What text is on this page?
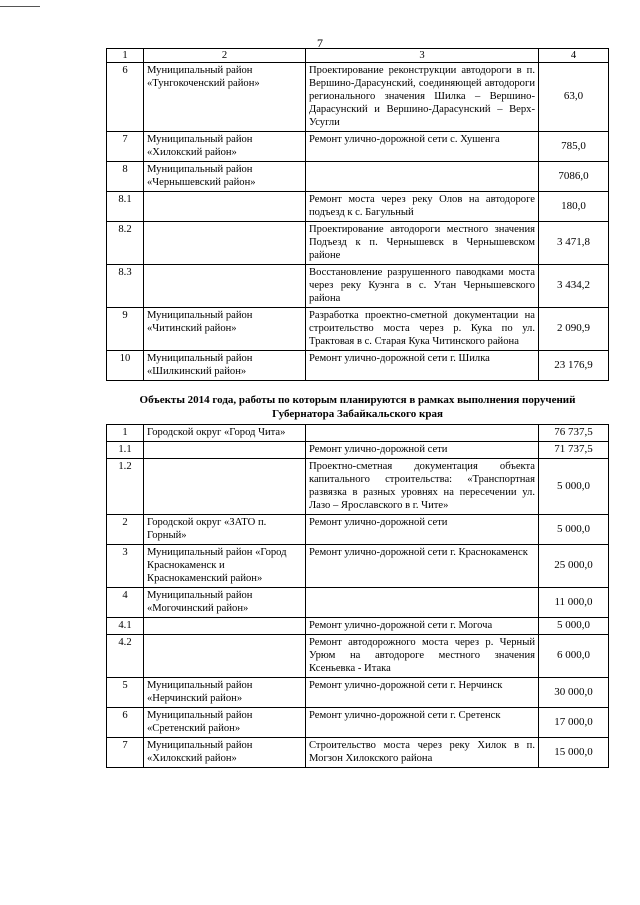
7
1	2	3	4
6	Муниципальный район «Тунгокоченский район»	Проектирование реконструкции автодороги в п. Вершино-Дарасунский, соединяющей автодороги регионального значения Шилка – Вершино-Дарасунский и Вершино-Дарасунский – Верх-Усугли	63,0
7	Муниципальный район «Хилокский район»	Ремонт улично-дорожной сети с. Хушенга	785,0
8	Муниципальный район «Чернышевский район»		7086,0
8.1		Ремонт моста через реку Олов на автодороге подъезд к с. Багульный	180,0
8.2		Проектирование автодороги местного значения Подъезд к п. Чернышевск в Чернышевском районе	3 471,8
8.3		Восстановление разрушенного паводками моста через реку Куэнга в с. Утан Чернышевского района	3 434,2
9	Муниципальный район «Читинский район»	Разработка проектно-сметной документации на строительство моста через р. Кука по ул. Трактовая в с. Старая Кука Читинского района	2 090,9
10	Муниципальный район «Шилкинский район»	Ремонт улично-дорожной сети г. Шилка	23 176,9
Объекты 2014 года, работы по которым планируются в рамках выполнения поручений Губернатора Забайкальского края			
1	Городской округ «Город Чита»		76 737,5
1.1		Ремонт улично-дорожной сети	71 737,5
1.2		Проектно-сметная документация объекта капитального строительства: «Транспортная развязка в разных уровнях на пересечении ул. Лазо – Ярославского в г. Чите»	5 000,0
2	Городской округ «ЗАТО п. Горный»	Ремонт улично-дорожной сети	5 000,0
3	Муниципальный район «Город Краснокаменск и Краснокаменский район»	Ремонт улично-дорожной сети г. Краснокаменск	25 000,0
4	Муниципальный район «Могочинский район»		11 000,0
4.1		Ремонт улично-дорожной сети г. Могоча	5 000,0
4.2		Ремонт автодорожного моста через р. Черный Урюм на автодороге местного значения Ксеньевка - Итака	6 000,0
5	Муниципальный район «Нерчинский район»	Ремонт улично-дорожной сети г. Нерчинск	30 000,0
6	Муниципальный район «Сретенский район»	Ремонт улично-дорожной сети г. Сретенск	17 000,0
7	Муниципальный район «Хилокский район»	Строительство моста через реку Хилок в п. Могзон Хилокского района	15 000,0
